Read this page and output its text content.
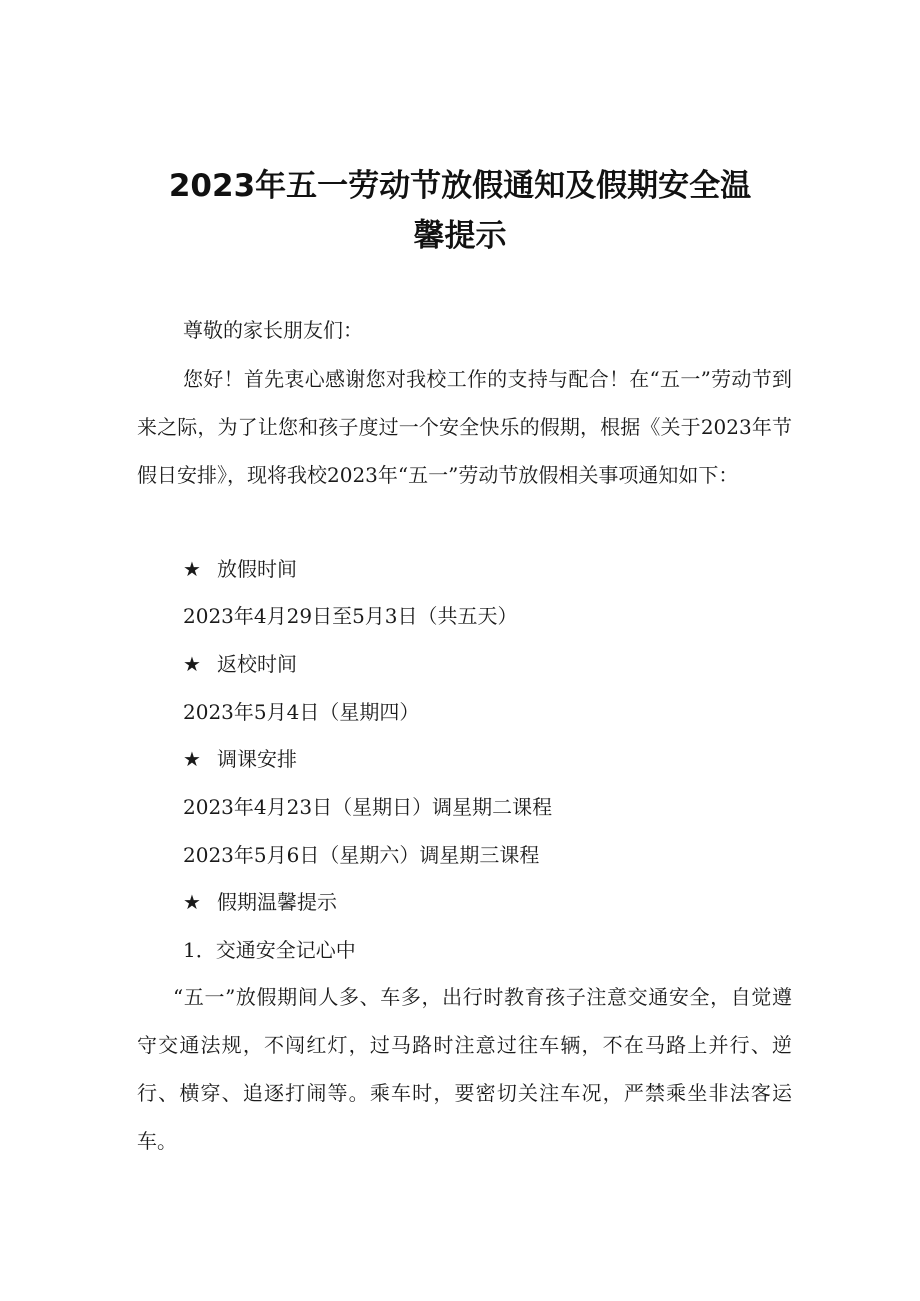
2023年五一劳动节放假通知及假期安全温
馨提示

尊敬的家长朋友们：

您好！首先衷心感谢您对我校工作的支持与配合！在“五一”劳动节到来之际，为了让您和孩子度过一个安全快乐的假期，根据《关于2023年节假日安排》，现将我校2023年“五一”劳动节放假相关事项通知如下：

★ 放假时间

2023年4月29日至5月3日（共五天）

★ 返校时间

2023年5月4日（星期四）

★ 调课安排

2023年4月23日（星期日）调星期二课程

2023年5月6日（星期六）调星期三课程

★ 假期温馨提示

1．交通安全记心中

“五一”放假期间人多、车多，出行时教育孩子注意交通安全，自觉遵守交通法规，不闯红灯，过马路时注意过往车辆，不在马路上并行、逆行、横穿、追逐打闹等。乘车时，要密切关注车况，严禁乘坐非法客运车。
